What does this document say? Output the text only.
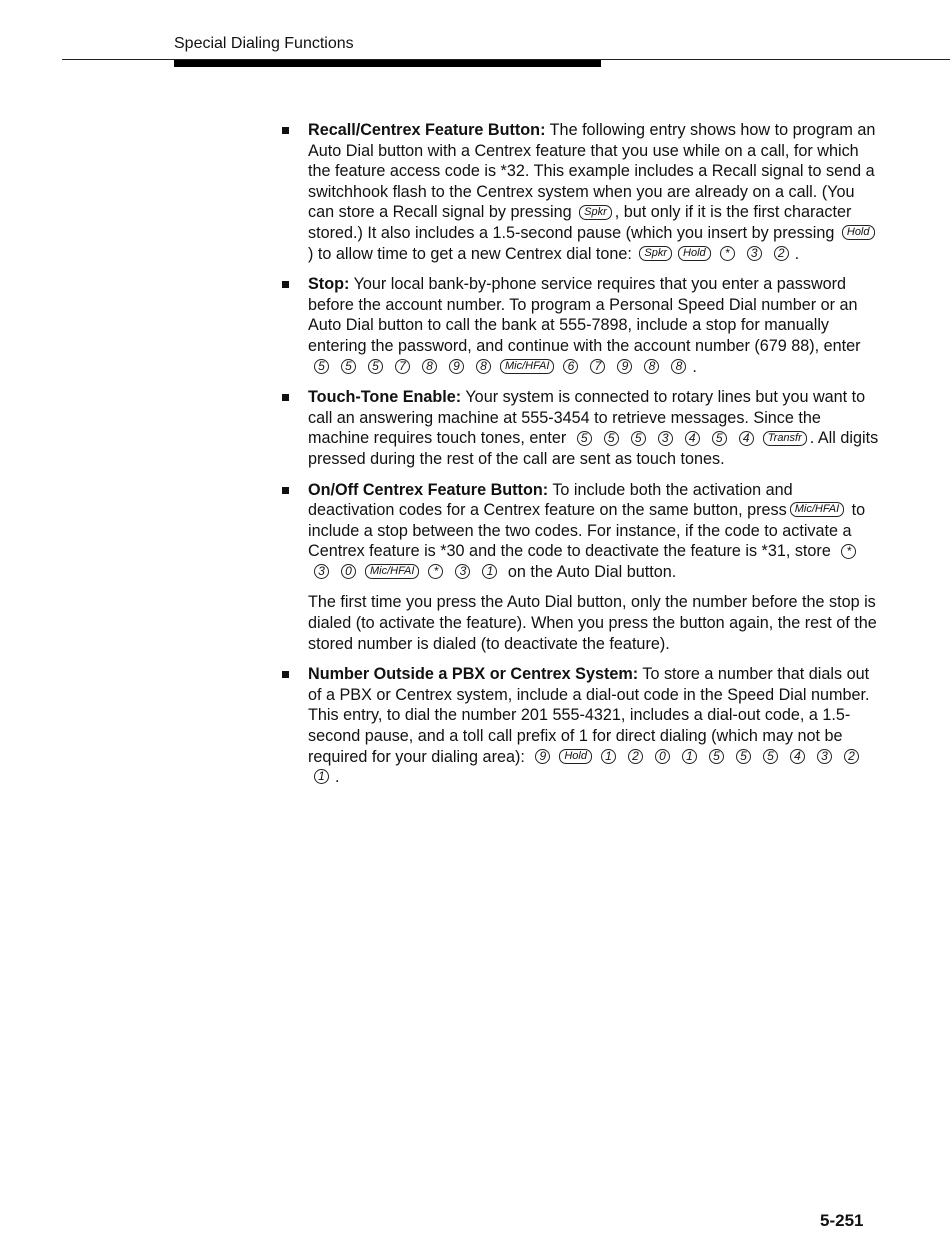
Special Dialing Functions
Recall/Centrex Feature Button: The following entry shows how to program an Auto Dial button with a Centrex feature that you use while on a call, for which the feature access code is *32. This example includes a Recall signal to send a switchhook flash to the Centrex system when you are already on a call. (You can store a Recall signal by pressing Spkr , but only if it is the first character stored.) It also includes a 1.5-second pause (which you insert by pressing Hold) to allow time to get a new Centrex dial tone: Spkr Hold * 3 2 .
Stop: Your local bank-by-phone service requires that you enter a password before the account number. To program a Personal Speed Dial number or an Auto Dial button to call the bank at 555-7898, include a stop for manually entering the password, and continue with the account number (679 88), enter 5 5 5 7 8 9 8 Mic/HFAI 6 7 9 8 8 .
Touch-Tone Enable: Your system is connected to rotary lines but you want to call an answering machine at 555-3454 to retrieve messages. Since the machine requires touch tones, enter 5 5 5 3 4 5 4 Transfr . All digits pressed during the rest of the call are sent as touch tones.
On/Off Centrex Feature Button: To include both the activation and deactivation codes for a Centrex feature on the same button, press Mic/HFAI to include a stop between the two codes. For instance, if the code to activate a Centrex feature is *30 and the code to deactivate the feature is *31, store *3 0 Mic/HFAI * 3 1 on the Auto Dial button.
The first time you press the Auto Dial button, only the number before the stop is dialed (to activate the feature). When you press the button again, the rest of the stored number is dialed (to deactivate the feature).
Number Outside a PBX or Centrex System: To store a number that dials out of a PBX or Centrex system, include a dial-out code in the Speed Dial number. This entry, to dial the number 201 555-4321, includes a dial-out code, a 1.5-second pause, and a toll call prefix of 1 for direct dialing (which may not be required for your dialing area): 9 Hold 1 2 0 1 5 5 5 4 3 21 .
5-251
